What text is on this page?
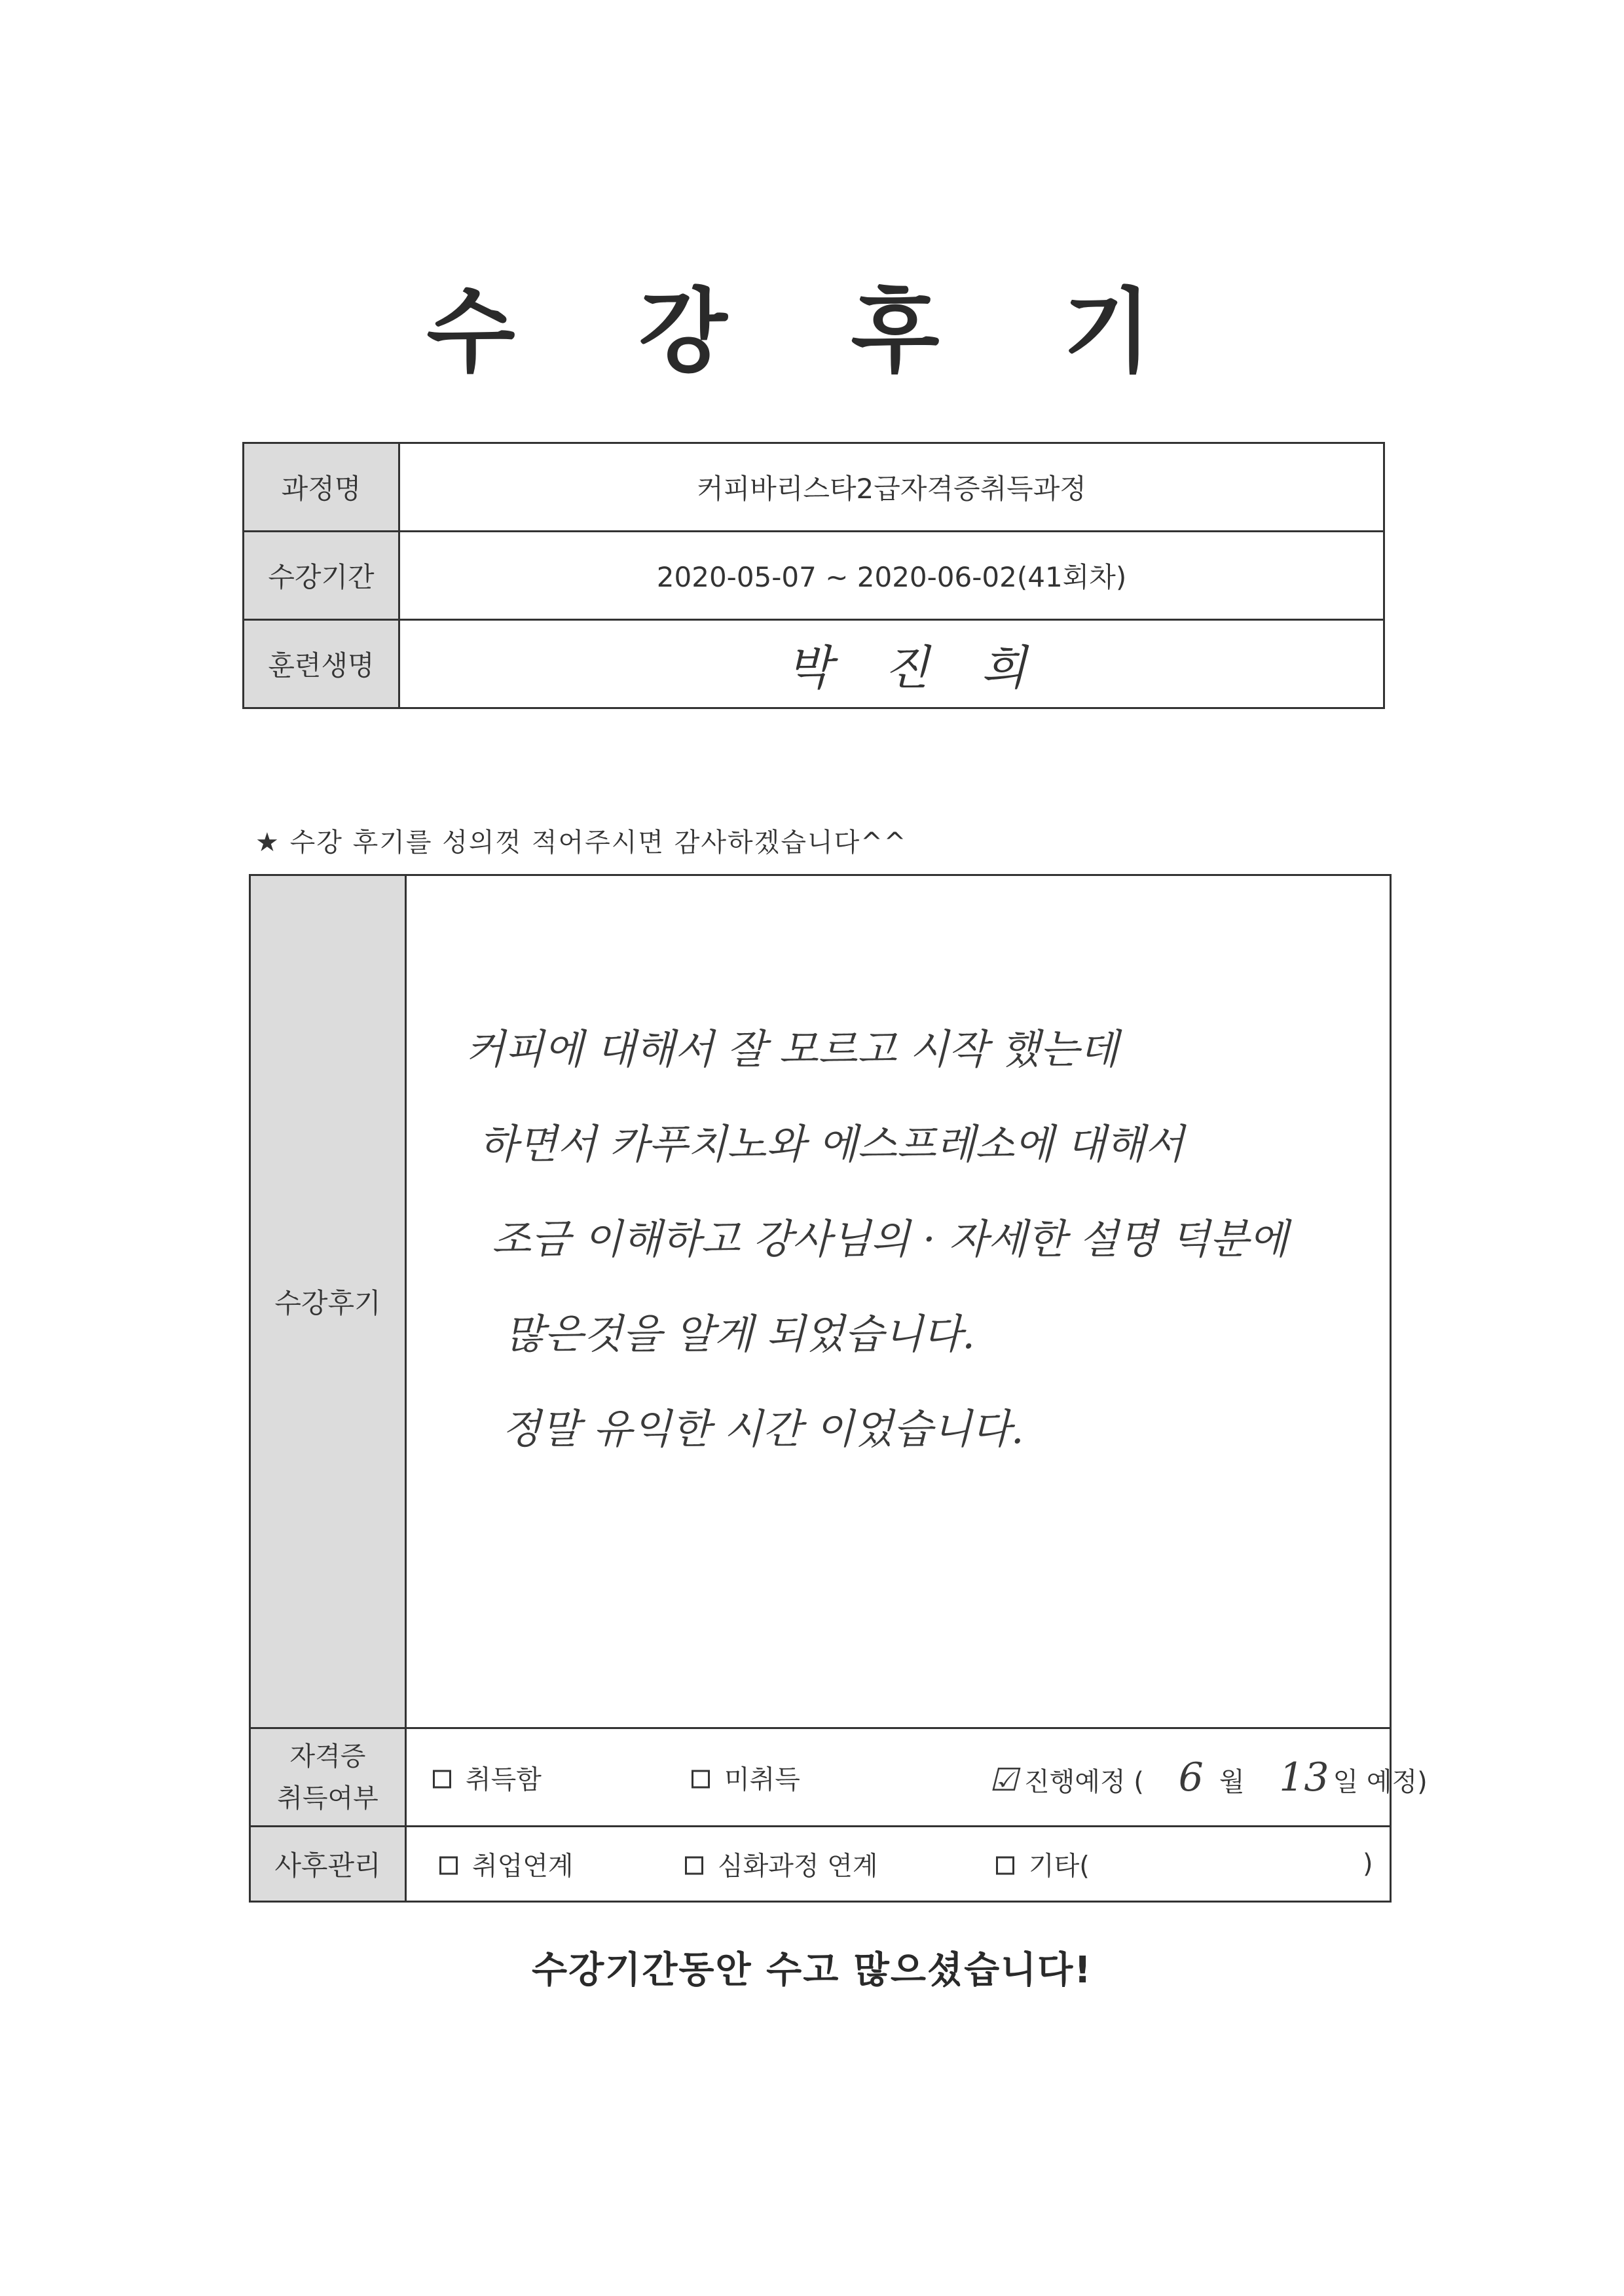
수 강 후 기
과정명	커피바리스타2급자격증취득과정
수강기간	2020-05-07 ~ 2020-06-02(41회차)
훈련생명	박 진 희
★ 수강 후기를 성의껏 적어주시면 감사하겠습니다^^
수강후기	커피에 대해서 잘 모르고 시작 했는데
하면서 카푸치노와 에스프레소에 대해서
조금 이해하고 강사님의 · 자세한 설명 덕분에
많은것을 알게 되었습니다.
정말 유익한 시간 이었습니다.

자격증
취득여부	취득함 미취득 ☑ 진행예정 ( 6 월 13 일 예정)

사후관리	취업연계 심화과정 연계 기타( )
수강기간동안 수고 많으셨습니다!
